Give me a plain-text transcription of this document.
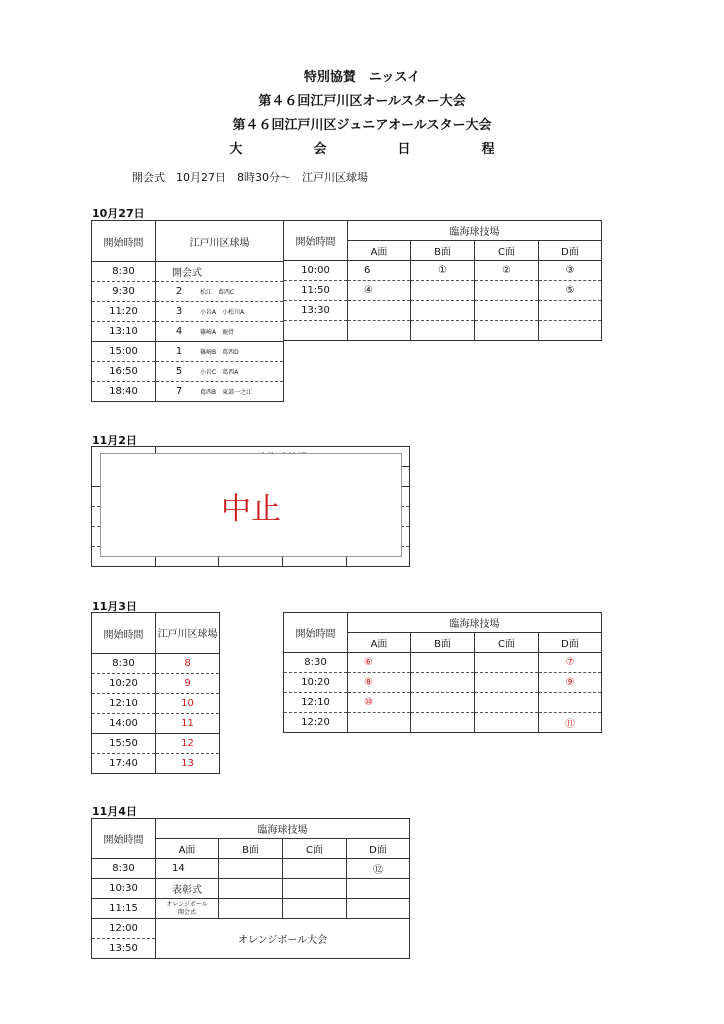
特別協賛　ニッスイ
第４６回江戸川区オールスター大会
第４６回江戸川区ジュニアオールスター大会
大	会	日	程
開会式　10月27日　8時30分～　江戸川区球場
10月27日
開始時間	江戸川区球場
8:30	開会式
9:30	2 松江　葛西C
11:20	3 小岩A　小松川A
13:10	4 篠崎A　鹿骨
15:00	1 篠崎B　葛西D
16:50	5 小岩C　葛西A
18:40	7 葛西B　東部一之江
開始時間	臨海球技場			
	A面	B面	C面	D面
10:00	6	①	②	③
11:50	④			⑤
13:30				

11月2日

中止
11月3日
開始時間	江戸川区球場
8:30	8
10:20	9
12:10	10
14:00	11
15:50	12
17:40	13
開始時間	臨海球技場			
	A面	B面	C面	D面
8:30	⑥			⑦
10:20	⑧			⑨
12:10	⑩			
12:20				⑪
11月4日
開始時間	臨海球技場			
	A面	B面	C面	D面
8:30	14			⑫
10:30	表彰式			
11:15	オレンジボール
開会式			

12:00	オレンジボール大会			
13:50				
